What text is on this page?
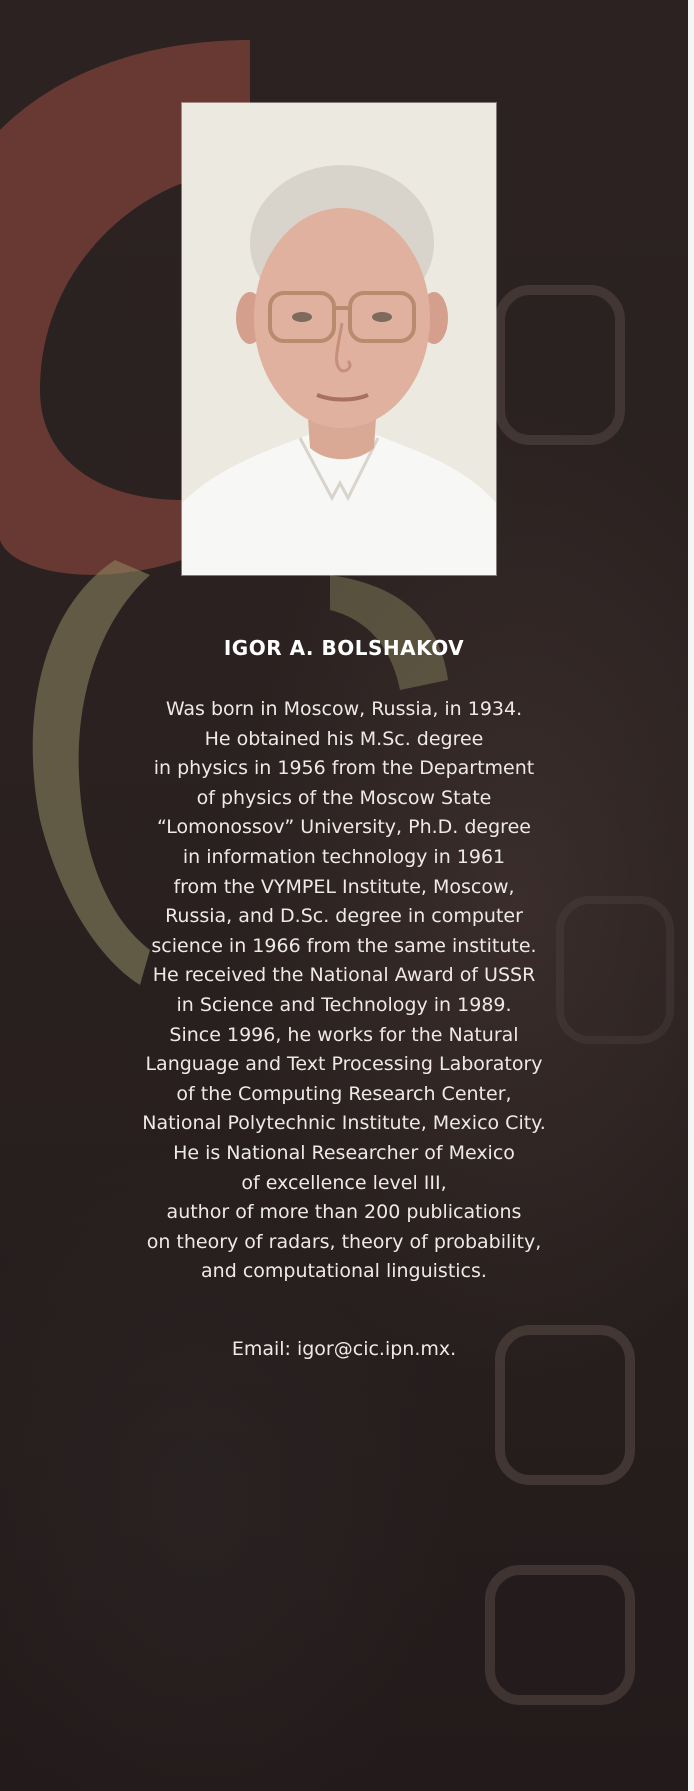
IGOR A. BOLSHAKOV
Was born in Moscow, Russia, in 1934.
He obtained his M.Sc. degree
in physics in 1956 from the Department
of physics of the Moscow State
“Lomonossov” University, Ph.D. degree
in information technology in 1961
from the VYMPEL Institute, Moscow,
Russia, and D.Sc. degree in computer
science in 1966 from the same institute.
He received the National Award of USSR
in Science and Technology in 1989.
Since 1996, he works for the Natural
Language and Text Processing Laboratory
of the Computing Research Center,
National Polytechnic Institute, Mexico City.
He is National Researcher of Mexico
of excellence level III,
author of more than 200 publications
on theory of radars, theory of probability,
and computational linguistics.
Email: igor@cic.ipn.mx.
